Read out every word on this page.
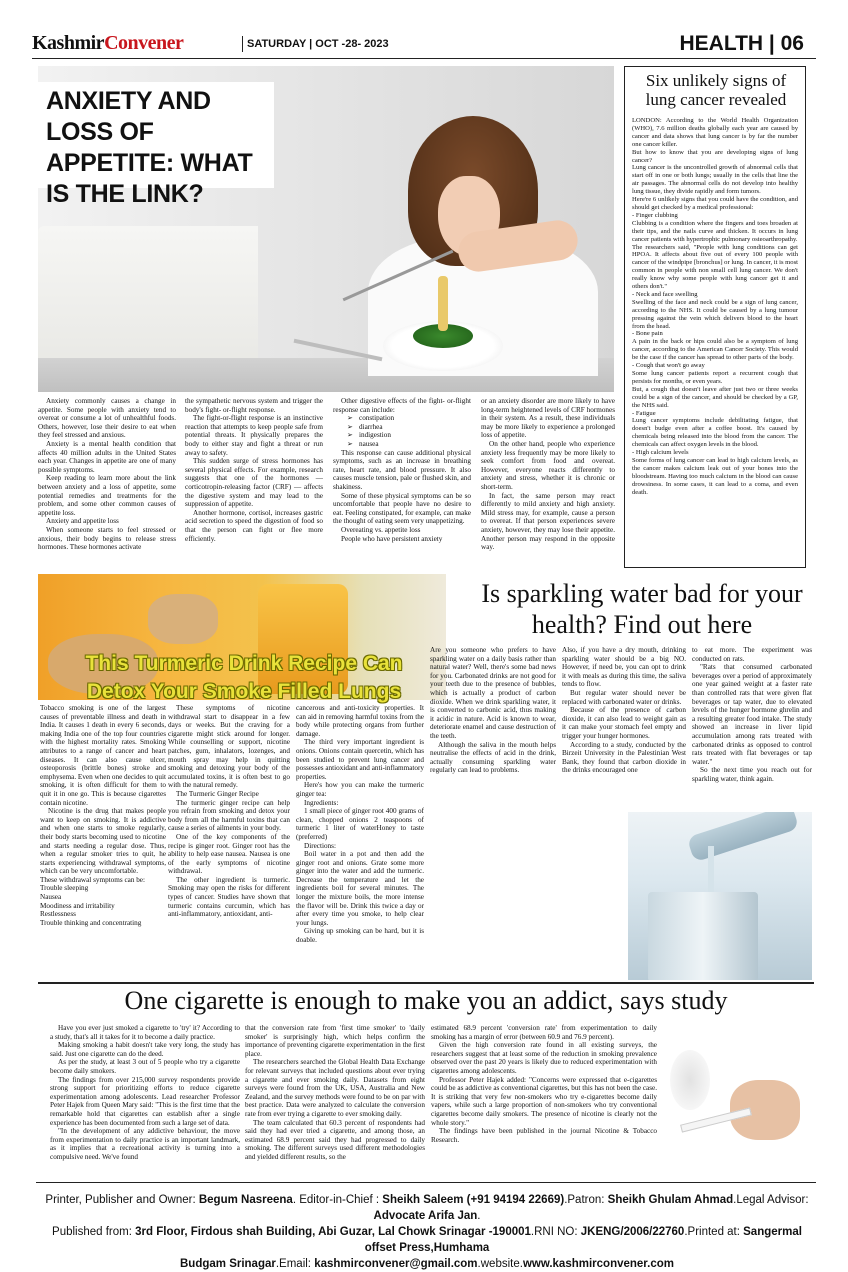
KashmirConvener	SATURDAY | OCT -28- 2023	HEALTH | 06
ANXIETY AND LOSS OF APPETITE: WHAT IS THE LINK?

Anxiety commonly causes a change in appetite. Some people with anxiety tend to overeat or consume a lot of unhealthful foods. Others, however, lose their desire to eat when they feel stressed and anxious.

Anxiety is a mental health condition that affects 40 million adults in the United States each year. Changes in appetite are one of many possible symptoms.

Keep reading to learn more about the link between anxiety and a loss of appetite, some potential remedies and treatments for the problem, and some other common causes of appetite loss.

Anxiety and appetite loss

When someone starts to feel stressed or anxious, their body begins to release stress hormones. These hormones activate

the sympathetic nervous system and trigger the body's fight- or-flight response.

The fight-or-flight response is an instinctive reaction that attempts to keep people safe from potential threats. It physically prepares the body to either stay and fight a threat or run away to safety.

This sudden surge of stress hormones has several physical effects. For example, research suggests that one of the hormones — corticotropin-releasing factor (CRF) — affects the digestive system and may lead to the suppression of appetite.

Another hormone, cortisol, increases gastric acid secretion to speed the digestion of food so that the person can fight or flee more efficiently.

Other digestive effects of the fight- or-flight response can include:

➢ constipation
➢ diarrhea
➢ indigestion
➢ nausea

This response can cause additional physical symptoms, such as an increase in breathing rate, heart rate, and blood pressure. It also causes muscle tension, pale or flushed skin, and shakiness.

Some of these physical symptoms can be so uncomfortable that people have no desire to eat. Feeling constipated, for example, can make the thought of eating seem very unappetizing.

Overeating vs. appetite loss

People who have persistent anxiety

or an anxiety disorder are more likely to have long-term heightened levels of CRF hormones in their system. As a result, these individuals may be more likely to experience a prolonged loss of appetite.

On the other hand, people who experience anxiety less frequently may be more likely to seek comfort from food and overeat. However, everyone reacts differently to anxiety and stress, whether it is chronic or short-term.

In fact, the same person may react differently to mild anxiety and high anxiety. Mild stress may, for example, cause a person to overeat. If that person experiences severe anxiety, however, they may lose their appetite. Another person may respond in the opposite way.

Six unlikely signs of lung cancer revealed

LONDON: According to the World Health Organization (WHO), 7.6 million deaths globally each year are caused by cancer and data shows that lung cancer is by far the number one cancer killer.

But how to know that you are developing signs of lung cancer?

Lung cancer is the uncontrolled growth of abnormal cells that start off in one or both lungs; usually in the cells that line the air passages. The abnormal cells do not develop into healthy lung tissue, they divide rapidly and form tumors.

Here're 6 unlikely signs that you could have the condition, and should get checked by a medical professional:

- Finger clubbing

Clubbing is a condition where the fingers and toes broaden at their tips, and the nails curve and thicken. It occurs in lung cancer patients with hypertrophic pulmonary osteoarthropathy.

The researchers said, "People with lung conditions can get HPOA. It affects about five out of every 100 people with cancer of the windpipe [bronchus] or lung. In cancer, it is most common in people with non small cell lung cancer. We don't really know why some people with lung cancer get it and others don't."

- Neck and face swelling

Swelling of the face and neck could be a sign of lung cancer, according to the NHS. It could be caused by a lung tumour pressing against the vein which delivers blood to the heart from the head.

- Bone pain

A pain in the back or hips could also be a symptom of lung cancer, according to the American Cancer Society. This would be the case if the cancer has spread to other parts of the body.

- Cough that won't go away

Some lung cancer patients report a recurrent cough that persists for months, or even years.

But, a cough that doesn't leave after just two or three weeks could be a sign of the cancer, and should be checked by a GP, the NHS said.

- Fatigue

Lung cancer symptoms include debilitating fatigue, that doesn't budge even after a coffee boost. It's caused by chemicals being released into the blood from the cancer. The chemicals can affect oxygen levels in the blood.

- High calcium levels

Some forms of lung cancer can lead to high calcium levels, as the cancer makes calcium leak out of your bones into the bloodstream. Having too much calcium in the blood can cause drowsiness. In some cases, it can lead to a coma, and even death.

This Turmeric Drink Recipe Can
Detox Your Smoke Filled Lungs

Tobacco smoking is one of the largest causes of preventable illness and death in India. It causes 1 death in every 6 seconds, making India one of the top four countries with the highest mortality rates. Smoking attributes to a range of cancer and heart diseases. It can also cause ulcer, osteoporosis (brittle bones) stroke and emphysema. Even when one decides to quit smoking, it is often difficult for them to quit it in one go. This is because cigarettes contain nicotine.

Nicotine is the drug that makes people want to keep on smoking. It is addictive and when one starts to smoke regularly, their body starts becoming used to nicotine and starts needing a regular dose. Thus, when a regular smoker tries to quit, he starts experiencing withdrawal symptoms, which can be very uncomfortable.

These withdrawal symptoms can be:

Trouble sleeping

Nausea

Moodiness and irritability

Restlessness

Trouble thinking and concentrating

These symptoms of nicotine withdrawal start to disappear in a few days or weeks. But the craving for a cigarette might stick around for longer. While counselling or support, nicotine patches, gum, inhalators, lozenges, and mouth spray may help in quitting smoking and detoxing your body of the accumulated toxins, it is often best to go with the natural remedy.

The Turmeric Ginger Recipe

The turmeric ginger recipe can help you refrain from smoking and detox your body from all the harmful toxins that can cause a series of ailments in your body.

One of the key components of the recipe is ginger root. Ginger root has the ability to help ease nausea. Nausea is one of the early symptoms of nicotine withdrawal.

The other ingredient is turmeric. Smoking may open the risks for different types of cancer. Studies have shown that turmeric contains curcumin, which has anti-inflammatory, antioxidant, anti-

cancerous and anti-toxicity properties. It can aid in removing harmful toxins from the body while protecting organs from further damage.

The third very important ingredient is onions. Onions contain quercetin, which has been studied to prevent lung cancer and possesses antioxidant and anti-inflammatory properties.

Here's how you can make the turmeric ginger tea:

Ingredients:

1 small piece of ginger root 400 grams of clean, chopped onions 2 teaspoons of turmeric 1 liter of waterHoney to taste (preferred)

Directions:

Boil water in a pot and then add the ginger root and onions. Grate some more ginger into the water and add the turmeric. Decrease the temperature and let the ingredients boil for several minutes. The longer the mixture boils, the more intense the flavor will be. Drink this twice a day or after every time you smoke, to help clear your lungs.

Giving up smoking can be hard, but it is doable.

Is sparkling water bad for your health? Find out here

Are you someone who prefers to have sparkling water on a daily basis rather than natural water? Well, there's some bad news for you. Carbonated drinks are not good for your teeth due to the presence of bubbles, which is actually a product of carbon dioxide. When we drink sparkling water, it is converted to carbonic acid, thus making it acidic in nature. Acid is known to wear, deteriorate enamel and cause destruction of the teeth.

Although the saliva in the mouth helps neutralise the effects of acid in the drink, actually consuming sparkling water regularly can lead to problems.

Also, if you have a dry mouth, drinking sparkling water should be a big NO. However, if need be, you can opt to drink it with meals as during this time, the saliva tends to flow.

But regular water should never be replaced with carbonated water or drinks.

Because of the presence of carbon dioxide, it can also lead to weight gain as it can make your stomach feel empty and trigger your hunger hormones.

According to a study, conducted by the Birzeit University in the Palestinian West Bank, they found that carbon dioxide in the drinks encouraged one

to eat more. The experiment was conducted on rats.

"Rats that consumed carbonated beverages over a period of approximately one year gained weight at a faster rate than controlled rats that were given flat beverages or tap water, due to elevated levels of the hunger hormone ghrelin and a resulting greater food intake. The study showed an increase in liver lipid accumulation among rats treated with carbonated drinks as opposed to control rats treated with flat beverages or tap water."

So the next time you reach out for sparkling water, think again.

One cigarette is enough to make you an addict, says study

Have you ever just smoked a cigarette to 'try' it? According to a study, that's all it takes for it to become a daily practice.

Making smoking a habit doesn't take very long, the study has said. Just one cigarette can do the deed.

As per the study, at least 3 out of 5 people who try a cigarette become daily smokers.

The findings from over 215,000 survey respondents provide strong support for prioritizing efforts to reduce cigarette experimentation among adolescents. Lead researcher Professor Peter Hajek from Queen Mary said: "This is the first time that the remarkable hold that cigarettes can establish after a single experience has been documented from such a large set of data.

"In the development of any addictive behaviour, the move from experimentation to daily practice is an important landmark, as it implies that a recreational activity is turning into a compulsive need. We've found

that the conversion rate from 'first time smoker' to 'daily smoker' is surprisingly high, which helps confirm the importance of preventing cigarette experimentation in the first place.

The researchers searched the Global Health Data Exchange for relevant surveys that included questions about ever trying a cigarette and ever smoking daily. Datasets from eight surveys were found from the UK, USA, Australia and New Zealand, and the survey methods were found to be on par with best practice. Data were analyzed to calculate the conversion rate from ever trying a cigarette to ever smoking daily.

The team calculated that 60.3 percent of respondents had said they had ever tried a cigarette, and among those, an estimated 68.9 percent said they had progressed to daily smoking. The different surveys used different methodologies and yielded different results, so the

estimated 68.9 percent 'conversion rate' from experimentation to daily smoking has a margin of error (between 60.9 and 76.9 percent).

Given the high conversion rate found in all existing surveys, the researchers suggest that at least some of the reduction in smoking prevalence observed over the past 20 years is likely due to reduced experimentation with cigarettes among adolescents.

Professor Peter Hajek added: "Concerns were expressed that e-cigarettes could be as addictive as conventional cigarettes, but this has not been the case. It is striking that very few non-smokers who try e-cigarettes become daily vapers, while such a large proportion of non-smokers who try conventional cigarettes become daily smokers. The presence of nicotine is clearly not the whole story."

The findings have been published in the journal Nicotine & Tobacco Research.

Printer, Publisher and Owner: Begum Nasreena. Editor-in-Chief : Sheikh Saleem (+91 94194 22669).Patron: Sheikh Ghulam Ahmad.Legal Advisor: Advocate Arifa Jan.
Published from: 3rd Floor, Firdous shah Building, Abi Guzar, Lal Chowk Srinagar -190001.RNI NO: JKENG/2006/22760.Printed at: Sangermal offset Press,Humhama
Budgam Srinagar.Email: kashmirconvener@gmail.com.website.www.kashmirconvener.com
